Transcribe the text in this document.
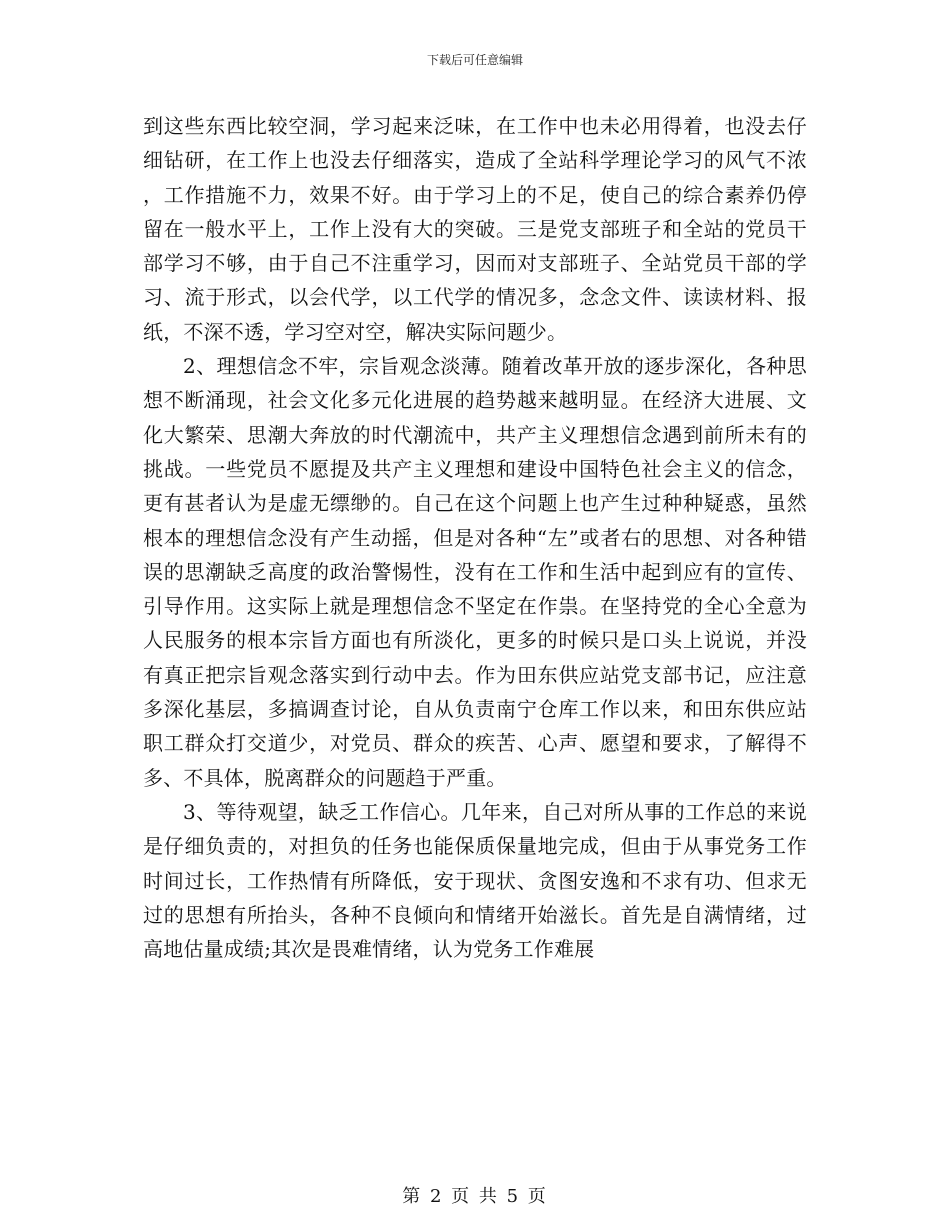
下载后可任意编辑

到这些东西比较空洞，学习起来泛味，在工作中也未必用得着，也没去仔细钻研，在工作上也没去仔细落实，造成了全站科学理论学习的风气不浓，工作措施不力，效果不好。由于学习上的不足，使自己的综合素养仍停留在一般水平上，工作上没有大的突破。三是党支部班子和全站的党员干部学习不够，由于自己不注重学习，因而对支部班子、全站党员干部的学习、流于形式，以会代学，以工代学的情况多，念念文件、读读材料、报纸，不深不透，学习空对空，解决实际问题少。

2、理想信念不牢，宗旨观念淡薄。随着改革开放的逐步深化，各种思想不断涌现，社会文化多元化进展的趋势越来越明显。在经济大进展、文化大繁荣、思潮大奔放的时代潮流中，共产主义理想信念遇到前所未有的挑战。一些党员不愿提及共产主义理想和建设中国特色社会主义的信念，更有甚者认为是虚无缥缈的。自己在这个问题上也产生过种种疑惑，虽然根本的理想信念没有产生动摇，但是对各种“左”或者右的思想、对各种错误的思潮缺乏高度的政治警惕性，没有在工作和生活中起到应有的宣传、引导作用。这实际上就是理想信念不坚定在作祟。在坚持党的全心全意为人民服务的根本宗旨方面也有所淡化，更多的时候只是口头上说说，并没有真正把宗旨观念落实到行动中去。作为田东供应站党支部书记，应注意多深化基层，多搞调查讨论，自从负责南宁仓库工作以来，和田东供应站职工群众打交道少，对党员、群众的疾苦、心声、愿望和要求，了解得不多、不具体，脱离群众的问题趋于严重。

3、等待观望，缺乏工作信心。几年来，自己对所从事的工作总的来说是仔细负责的，对担负的任务也能保质保量地完成，但由于从事党务工作时间过长，工作热情有所降低，安于现状、贪图安逸和不求有功、但求无过的思想有所抬头，各种不良倾向和情绪开始滋长。首先是自满情绪，过高地估量成绩;其次是畏难情绪，认为党务工作难展

第 2 页 共 5 页
